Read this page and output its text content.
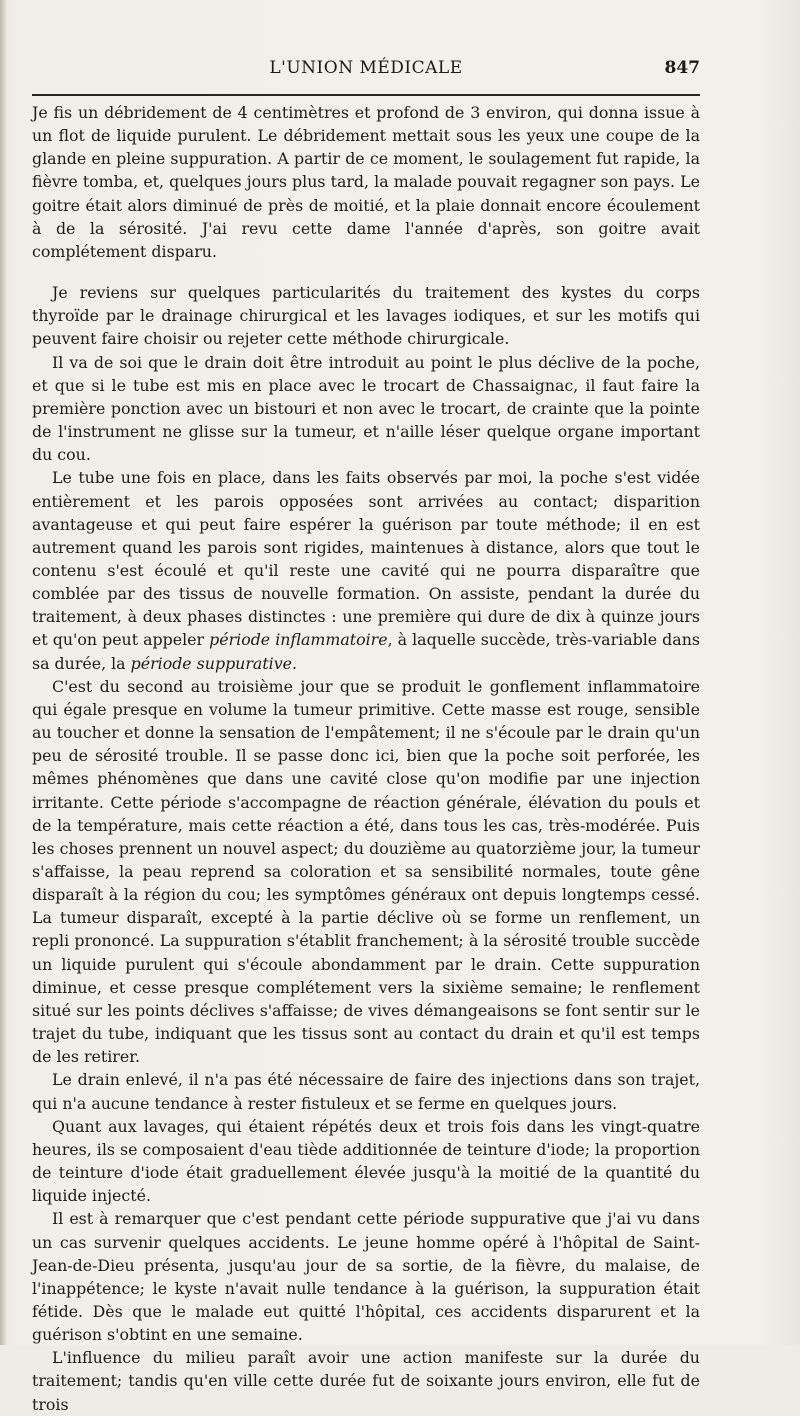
L'UNION MÉDICALE	847

Je fis un débridement de 4 centimètres et profond de 3 environ, qui donna issue à un flot de liquide purulent. Le débridement mettait sous les yeux une coupe de la glande en pleine suppuration. A partir de ce moment, le soulagement fut rapide, la fièvre tomba, et, quelques jours plus tard, la malade pouvait regagner son pays. Le goitre était alors diminué de près de moitié, et la plaie donnait encore écoulement à de la sérosité. J'ai revu cette dame l'année d'après, son goitre avait complétement disparu.

Je reviens sur quelques particularités du traitement des kystes du corps thyroïde par le drainage chirurgical et les lavages iodiques, et sur les motifs qui peuvent faire choisir ou rejeter cette méthode chirurgicale.

Il va de soi que le drain doit être introduit au point le plus déclive de la poche, et que si le tube est mis en place avec le trocart de Chassaignac, il faut faire la première ponction avec un bistouri et non avec le trocart, de crainte que la pointe de l'instrument ne glisse sur la tumeur, et n'aille léser quelque organe important du cou.

Le tube une fois en place, dans les faits observés par moi, la poche s'est vidée entièrement et les parois opposées sont arrivées au contact; disparition avantageuse et qui peut faire espérer la guérison par toute méthode; il en est autrement quand les parois sont rigides, maintenues à distance, alors que tout le contenu s'est écoulé et qu'il reste une cavité qui ne pourra disparaître que comblée par des tissus de nouvelle formation. On assiste, pendant la durée du traitement, à deux phases distinctes : une première qui dure de dix à quinze jours et qu'on peut appeler période inflammatoire, à laquelle succède, très-variable dans sa durée, la période suppurative.

C'est du second au troisième jour que se produit le gonflement inflammatoire qui égale presque en volume la tumeur primitive. Cette masse est rouge, sensible au toucher et donne la sensation de l'empâtement; il ne s'écoule par le drain qu'un peu de sérosité trouble. Il se passe donc ici, bien que la poche soit perforée, les mêmes phénomènes que dans une cavité close qu'on modifie par une injection irritante. Cette période s'accompagne de réaction générale, élévation du pouls et de la température, mais cette réaction a été, dans tous les cas, très-modérée. Puis les choses prennent un nouvel aspect; du douzième au quatorzième jour, la tumeur s'affaisse, la peau reprend sa coloration et sa sensibilité normales, toute gêne disparaît à la région du cou; les symptômes généraux ont depuis longtemps cessé. La tumeur disparaît, excepté à la partie déclive où se forme un renflement, un repli prononcé. La suppuration s'établit franchement; à la sérosité trouble succède un liquide purulent qui s'écoule abondamment par le drain. Cette suppuration diminue, et cesse presque complétement vers la sixième semaine; le renflement situé sur les points déclives s'affaisse; de vives démangeaisons se font sentir sur le trajet du tube, indiquant que les tissus sont au contact du drain et qu'il est temps de les retirer.

Le drain enlevé, il n'a pas été nécessaire de faire des injections dans son trajet, qui n'a aucune tendance à rester fistuleux et se ferme en quelques jours.

Quant aux lavages, qui étaient répétés deux et trois fois dans les vingt-quatre heures, ils se composaient d'eau tiède additionnée de teinture d'iode; la proportion de teinture d'iode était graduellement élevée jusqu'à la moitié de la quantité du liquide injecté.

Il est à remarquer que c'est pendant cette période suppurative que j'ai vu dans un cas survenir quelques accidents. Le jeune homme opéré à l'hôpital de Saint-Jean-de-Dieu présenta, jusqu'au jour de sa sortie, de la fièvre, du malaise, de l'inappétence; le kyste n'avait nulle tendance à la guérison, la suppuration était fétide. Dès que le malade eut quitté l'hôpital, ces accidents disparurent et la guérison s'obtint en une semaine.

L'influence du milieu paraît avoir une action manifeste sur la durée du traitement; tandis qu'en ville cette durée fut de soixante jours environ, elle fut de trois
